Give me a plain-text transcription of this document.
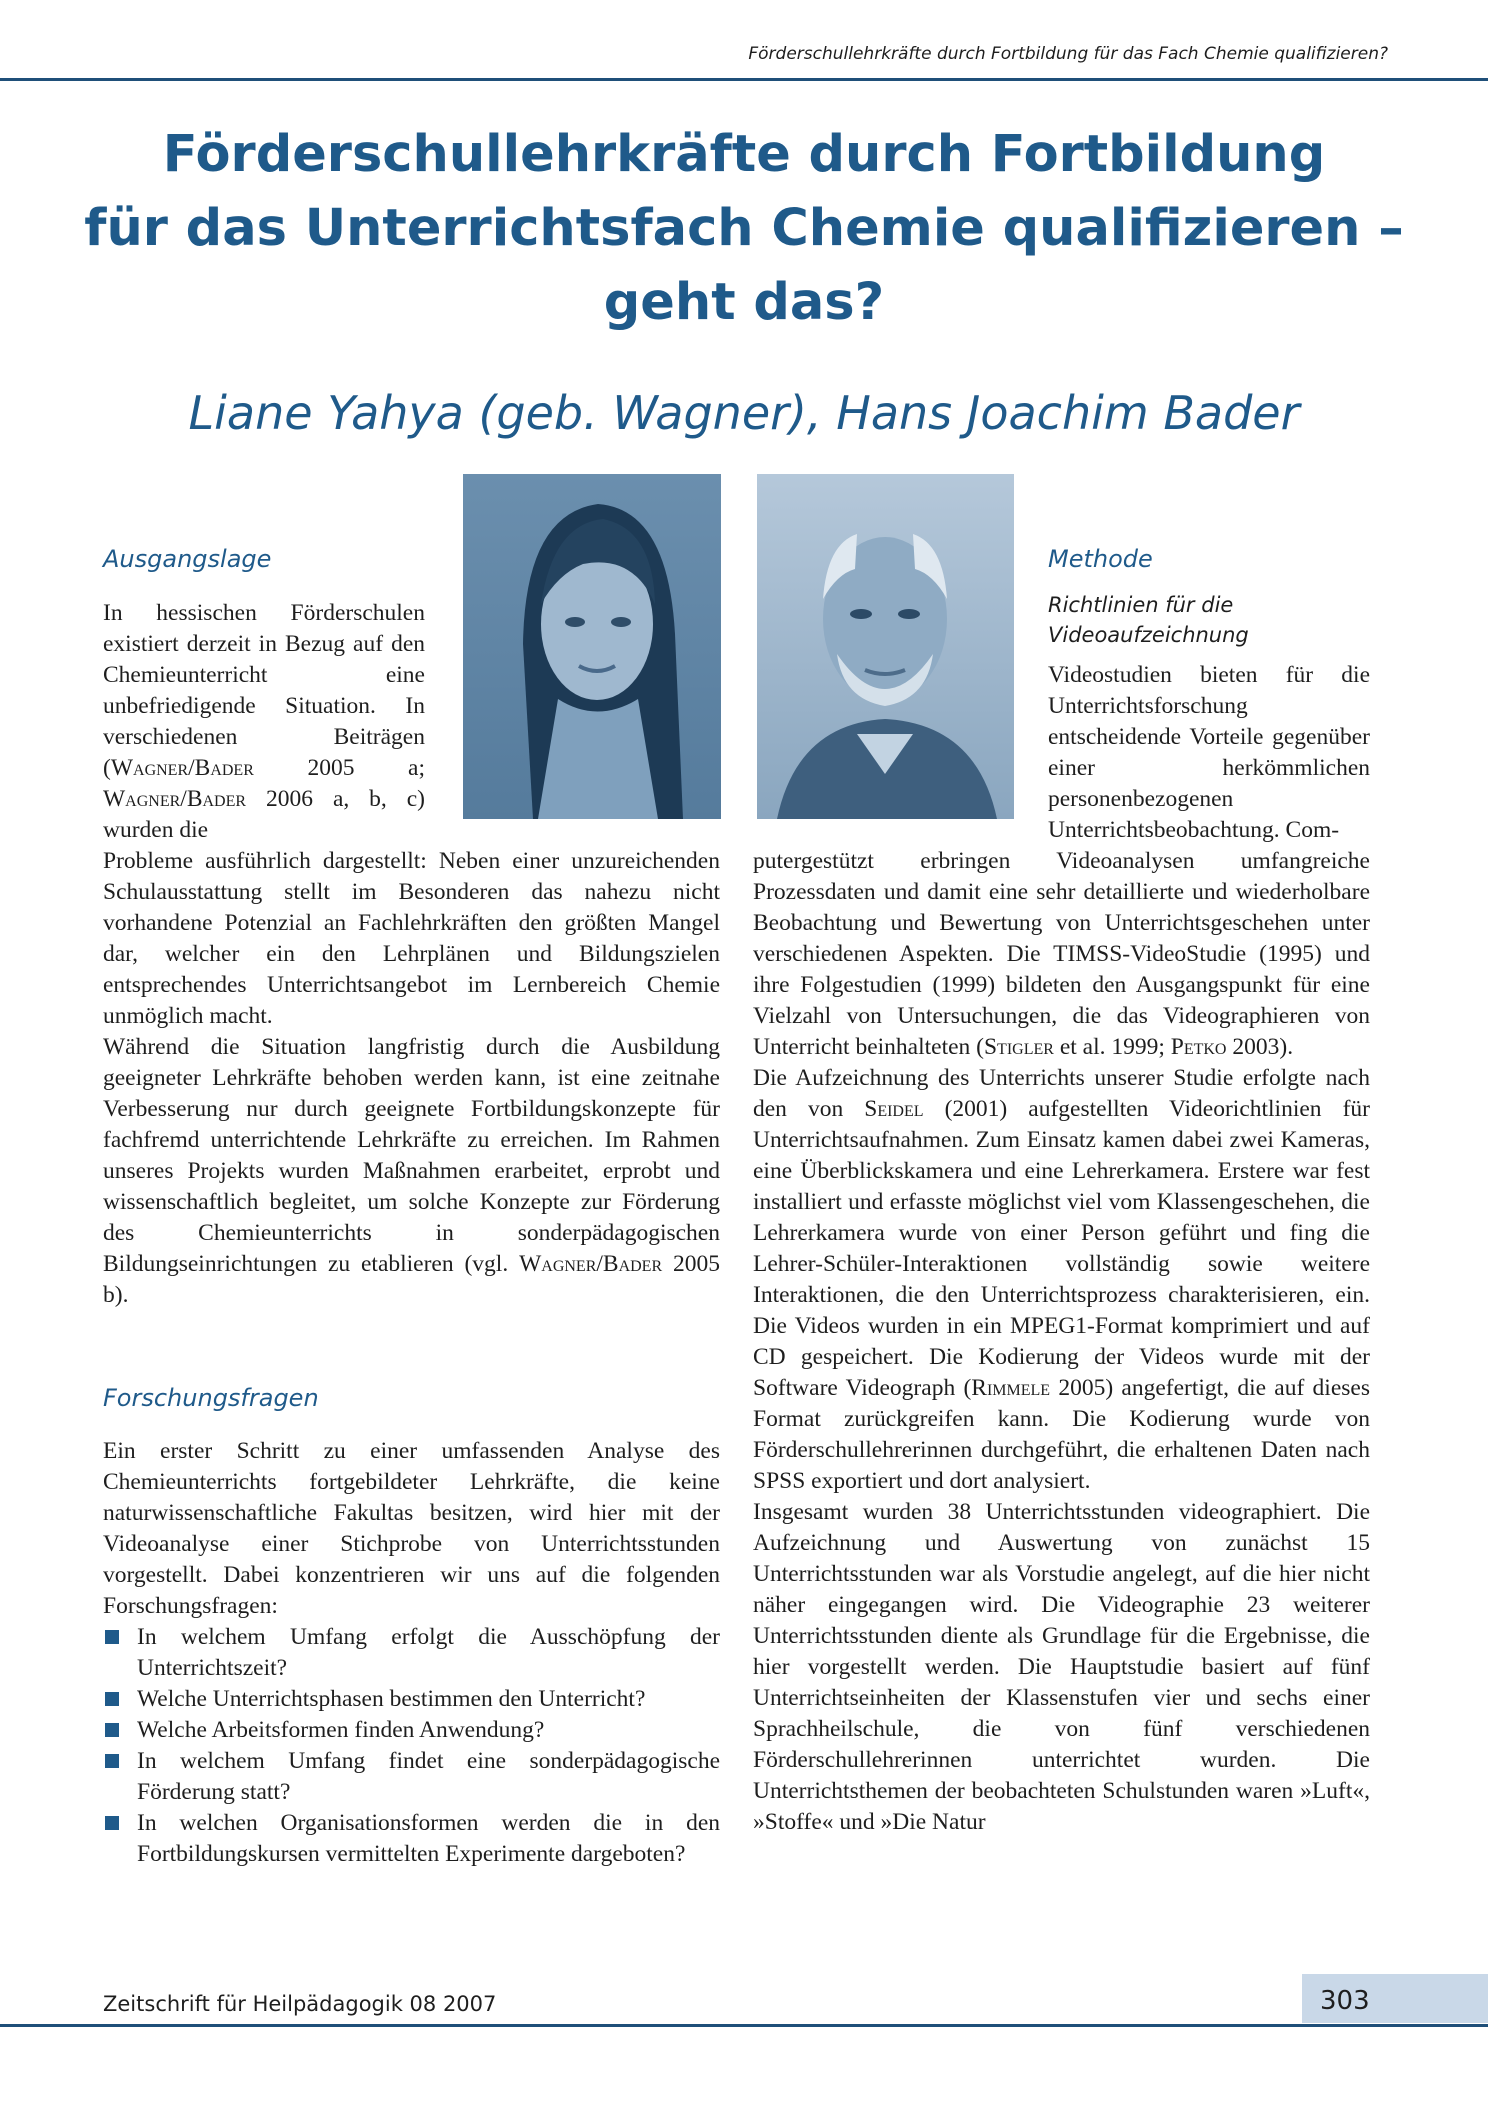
Förderschullehrkräfte durch Fortbildung für das Fach Chemie qualifizieren?
Förderschullehrkräfte durch Fortbildung
für das Unterrichtsfach Chemie qualifizieren –
geht das?
Liane Yahya (geb. Wagner), Hans Joachim Bader
Ausgangslage
In hessischen Förderschulen existiert derzeit in Bezug auf den Chemieunterricht eine unbefriedigende Situation. In verschiedenen Beiträgen (Wagner/Bader 2005 a; Wagner/Bader 2006 a, b, c) wurden die

Probleme ausführlich dargestellt: Neben einer unzureichenden Schulausstattung stellt im Besonderen das nahezu nicht vorhandene Potenzial an Fachlehrkräften den größten Mangel dar, welcher ein den Lehrplänen und Bildungszielen entsprechendes Unterrichtsangebot im Lernbereich Chemie unmöglich macht.

Während die Situation langfristig durch die Ausbildung geeigneter Lehrkräfte behoben werden kann, ist eine zeitnahe Verbesserung nur durch geeignete Fortbildungskonzepte für fachfremd unterrichtende Lehrkräfte zu erreichen. Im Rahmen unseres Projekts wurden Maßnahmen erarbeitet, erprobt und wissenschaftlich begleitet, um solche Konzepte zur Förderung des Chemieunterrichts in sonderpädagogischen Bildungseinrichtungen zu etablieren (vgl. Wagner/Bader 2005 b).

Forschungsfragen
Ein erster Schritt zu einer umfassenden Analyse des Chemieunterrichts fortgebildeter Lehrkräfte, die keine naturwissenschaftliche Fakultas besitzen, wird hier mit der Videoanalyse einer Stichprobe von Unterrichtsstunden vorgestellt. Dabei konzentrieren wir uns auf die folgenden Forschungsfragen:
In welchem Umfang erfolgt die Ausschöpfung der Unterrichtszeit?
Welche Unterrichtsphasen bestimmen den Unterricht?
Welche Arbeitsformen finden Anwendung?
In welchem Umfang findet eine sonderpädagogische Förderung statt?
In welchen Organisationsformen werden die in den Fortbildungskursen vermittelten Experimente dargeboten?
Methode
Richtlinien für die Videoaufzeichnung
Videostudien bieten für die Unterrichtsforschung entscheidende Vorteile gegenüber einer herkömmlichen personenbezogenen Unterrichtsbeobachtung. Com-

putergestützt erbringen Videoanalysen umfangreiche Prozessdaten und damit eine sehr detaillierte und wiederholbare Beobachtung und Bewertung von Unterrichtsgeschehen unter verschiedenen Aspekten. Die TIMSS-VideoStudie (1995) und ihre Folgestudien (1999) bildeten den Ausgangspunkt für eine Vielzahl von Untersuchungen, die das Videographieren von Unterricht beinhalteten (Stigler et al. 1999; Petko 2003).

Die Aufzeichnung des Unterrichts unserer Studie erfolgte nach den von Seidel (2001) aufgestellten Videorichtlinien für Unterrichtsaufnahmen. Zum Einsatz kamen dabei zwei Kameras, eine Überblickskamera und eine Lehrerkamera. Erstere war fest installiert und erfasste möglichst viel vom Klassengeschehen, die Lehrerkamera wurde von einer Person geführt und fing die Lehrer-Schüler-Interaktionen vollständig sowie weitere Interaktionen, die den Unterrichtsprozess charakterisieren, ein. Die Videos wurden in ein MPEG1-Format komprimiert und auf CD gespeichert. Die Kodierung der Videos wurde mit der Software Videograph (Rimmele 2005) angefertigt, die auf dieses Format zurückgreifen kann. Die Kodierung wurde von Förderschullehrerinnen durchgeführt, die erhaltenen Daten nach SPSS exportiert und dort analysiert.

Insgesamt wurden 38 Unterrichtsstunden videographiert. Die Aufzeichnung und Auswertung von zunächst 15 Unterrichtsstunden war als Vorstudie angelegt, auf die hier nicht näher eingegangen wird. Die Videographie 23 weiterer Unterrichtsstunden diente als Grundlage für die Ergebnisse, die hier vorgestellt werden. Die Hauptstudie basiert auf fünf Unterrichtseinheiten der Klassenstufen vier und sechs einer Sprachheilschule, die von fünf verschiedenen Förderschullehrerinnen unterrichtet wurden. Die Unterrichtsthemen der beobachteten Schulstunden waren »Luft«, »Stoffe« und »Die Natur

Zeitschrift für Heilpädagogik 08 2007	303
